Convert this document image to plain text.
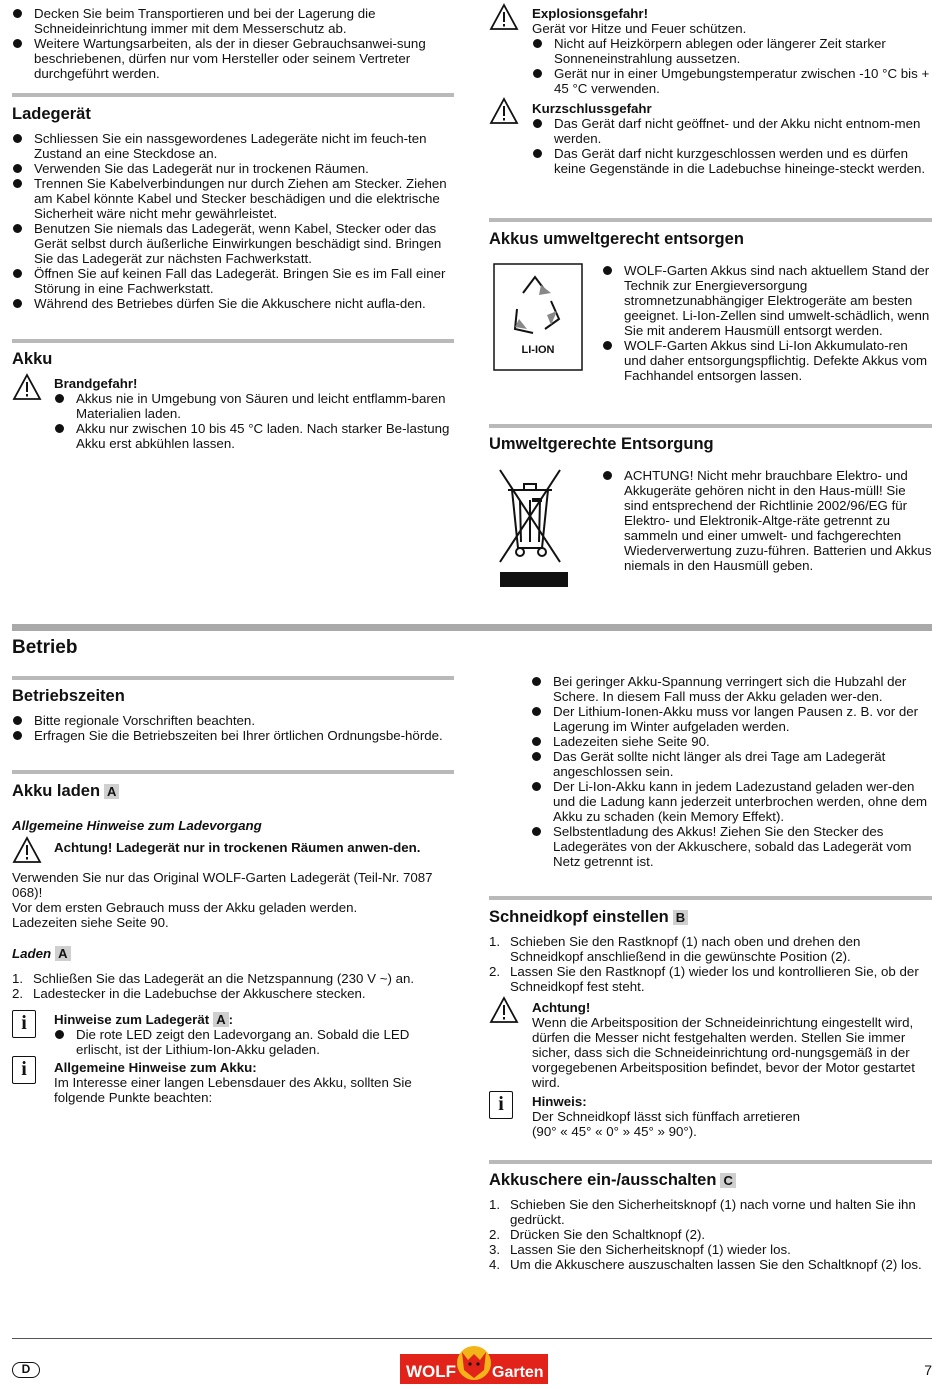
Decken Sie beim Transportieren und bei der Lagerung die Schneideinrichtung immer mit dem Messerschutz ab.
Weitere Wartungsarbeiten, als der in dieser Gebrauchsanwei-sung beschriebenen, dürfen nur vom Hersteller oder seinem Vertreter durchgeführt werden.
Ladegerät
Schliessen Sie ein nassgewordenes Ladegeräte nicht im feuch-ten Zustand an eine Steckdose an.
Verwenden Sie das Ladegerät nur in trockenen Räumen.
Trennen Sie Kabelverbindungen nur durch Ziehen am Stecker. Ziehen am Kabel könnte Kabel und Stecker beschädigen und die elektrische Sicherheit wäre nicht mehr gewährleistet.
Benutzen Sie niemals das Ladegerät, wenn Kabel, Stecker oder das Gerät selbst durch äußerliche Einwirkungen beschädigt sind. Bringen Sie das Ladegerät zur nächsten Fachwerkstatt.
Öffnen Sie auf keinen Fall das Ladegerät. Bringen Sie es im Fall einer Störung in eine Fachwerkstatt.
Während des Betriebes dürfen Sie die Akkuschere nicht aufla-den.
Akku
Brandgefahr!
Akkus nie in Umgebung von Säuren und leicht entflamm-baren Materialien laden.
Akku nur zwischen 10 bis 45 °C laden. Nach starker Be-lastung Akku erst abkühlen lassen.
Explosionsgefahr!
Gerät vor Hitze und Feuer schützen.
Nicht auf Heizkörpern ablegen oder längerer Zeit starker Sonneneinstrahlung aussetzen.
Gerät nur in einer Umgebungstemperatur zwischen -10 °C bis + 45 °C verwenden.
Kurzschlussgefahr
Das Gerät darf nicht geöffnet- und der Akku nicht entnom-men werden.
Das Gerät darf nicht kurzgeschlossen werden und es dürfen keine Gegenstände in die Ladebuchse hineinge-steckt werden.
Akkus umweltgerecht entsorgen
LI-ION
WOLF-Garten Akkus sind nach aktuellem Stand der Technik zur Energieversorgung stromnetzunabhängiger Elektrogeräte am besten geeignet. Li-Ion-Zellen sind umwelt-schädlich, wenn Sie mit anderem Hausmüll entsorgt werden.
WOLF-Garten Akkus sind Li-Ion Akkumulato-ren und daher entsorgungspflichtig. Defekte Akkus vom Fachhandel entsorgen lassen.
Umweltgerechte Entsorgung
ACHTUNG! Nicht mehr brauchbare Elektro- und Akkugeräte gehören nicht in den Haus-müll! Sie sind entsprechend der Richtlinie 2002/96/EG für Elektro- und Elektronik-Altge-räte getrennt zu sammeln und einer umwelt- und fachgerechten Wiederverwertung zuzu-führen. Batterien und Akkus niemals in den Hausmüll geben.
Betrieb
Betriebszeiten
Bitte regionale Vorschriften beachten.
Erfragen Sie die Betriebszeiten bei Ihrer örtlichen Ordnungsbe-hörde.
Akku laden A
Allgemeine Hinweise zum Ladevorgang
Achtung! Ladegerät nur in trockenen Räumen anwen-den.
Verwenden Sie nur das Original WOLF-Garten Ladegerät (Teil-Nr. 7087 068)!
Vor dem ersten Gebrauch muss der Akku geladen werden.
Ladezeiten siehe Seite 90.
Laden A
1. Schließen Sie das Ladegerät an die Netzspannung (230 V ~) an.
2. Ladestecker in die Ladebuchse der Akkuschere stecken.
i	Hinweise zum Ladegerät A :
Die rote LED zeigt den Ladevorgang an. Sobald die LED erlischt, ist der Lithium-Ion-Akku geladen.
i	Allgemeine Hinweise zum Akku:
Im Interesse einer langen Lebensdauer des Akku, sollten Sie folgende Punkte beachten:
Bei geringer Akku-Spannung verringert sich die Hubzahl der Schere. In diesem Fall muss der Akku geladen wer-den.
Der Lithium-Ionen-Akku muss vor langen Pausen z. B. vor der Lagerung im Winter aufgeladen werden.
Ladezeiten siehe Seite 90.
Das Gerät sollte nicht länger als drei Tage am Ladegerät angeschlossen sein.
Der Li-Ion-Akku kann in jedem Ladezustand geladen wer-den und die Ladung kann jederzeit unterbrochen werden, ohne dem Akku zu schaden (kein Memory Effekt).
Selbstentladung des Akkus! Ziehen Sie den Stecker des Ladegerätes von der Akkuschere, sobald das Ladegerät vom Netz getrennt ist.
Schneidkopf einstellen B
1. Schieben Sie den Rastknopf (1) nach oben und drehen den Schneidkopf anschließend in die gewünschte Position (2).
2. Lassen Sie den Rastknopf (1) wieder los und kontrollieren Sie, ob der Schneidkopf fest steht.
Achtung!
Wenn die Arbeitsposition der Schneideinrichtung eingestellt wird, dürfen die Messer nicht festgehalten werden. Stellen Sie immer sicher, dass sich die Schneideinrichtung ord-nungsgemäß in der vorgegebenen Arbeitsposition befindet, bevor der Motor gestartet wird.
i	Hinweis:
Der Schneidkopf lässt sich fünffach arretieren
(90° « 45° « 0° » 45° » 90°).
Akkuschere ein-/ausschalten C
1. Schieben Sie den Sicherheitsknopf (1) nach vorne und halten Sie ihn gedrückt.
2. Drücken Sie den Schaltknopf (2).
3. Lassen Sie den Sicherheitsknopf (1) wieder los.
4. Um die Akkuschere auszuschalten lassen Sie den Schaltknopf (2) los.
D	WOLF Garten	7
